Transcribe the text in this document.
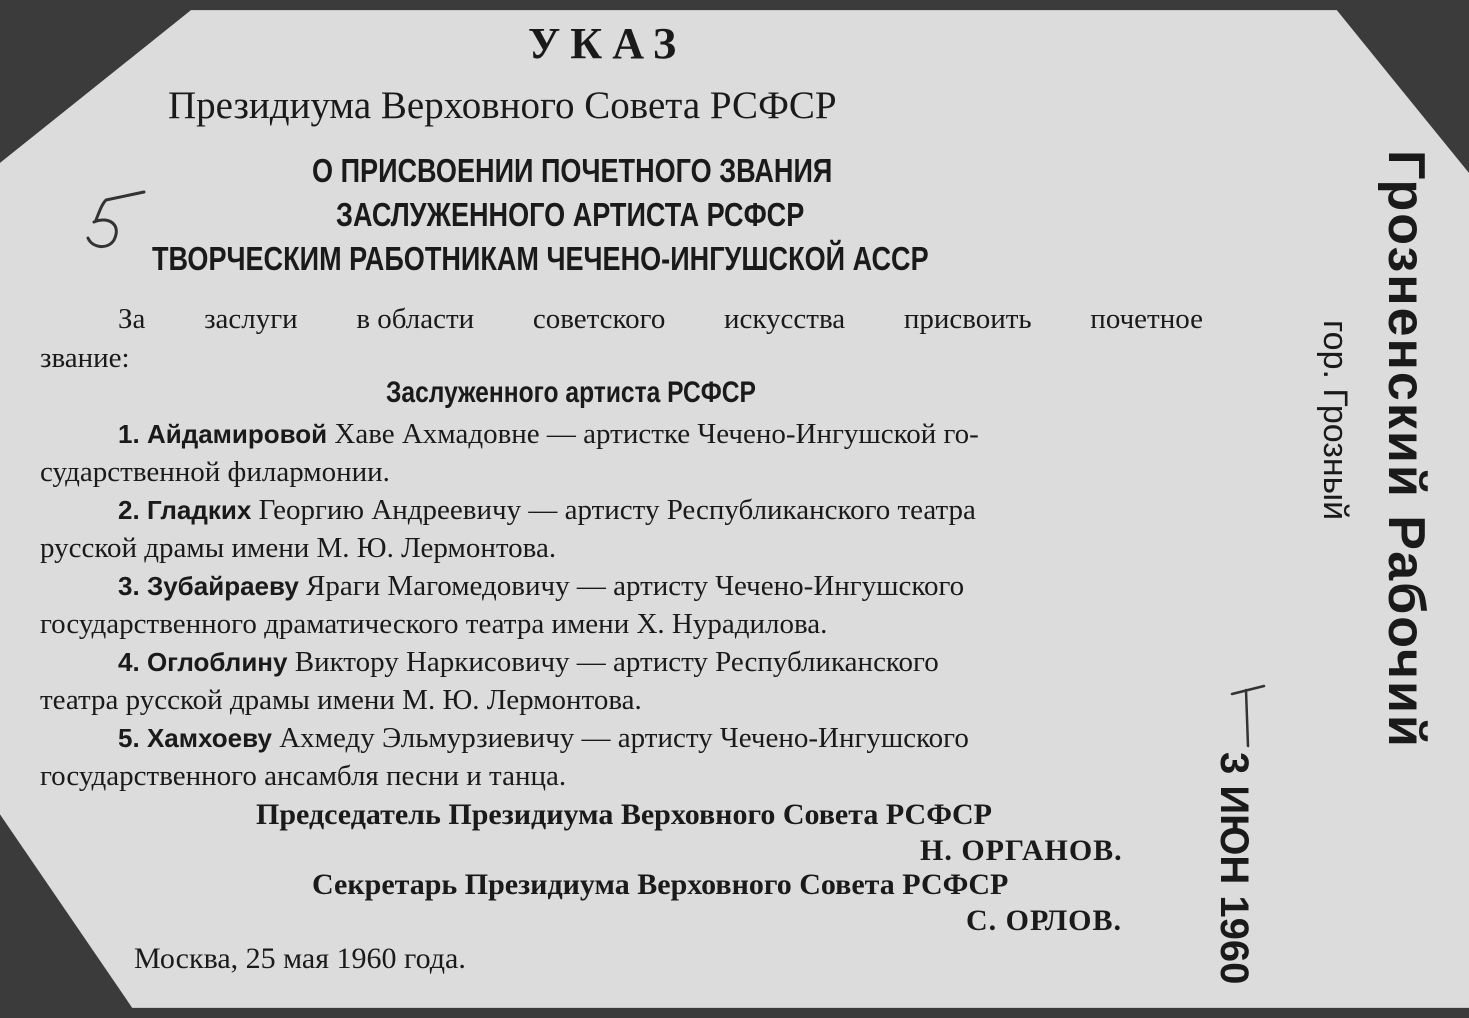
УКАЗ
Президиума Верховного Совета РСФСР
О ПРИСВОЕНИИ ПОЧЕТНОГО ЗВАНИЯ
ЗАСЛУЖЕННОГО АРТИСТА РСФСР
ТВОРЧЕСКИМ РАБОТНИКАМ ЧЕЧЕНО-ИНГУШСКОЙ АССР
За заслуги в области советского искусства присвоить почетное
звание:
Заслуженного артиста РСФСР
1. Айдамировой Хаве Ахмадовне — артистке Чечено-Ингушской го-
сударственной филармонии.
2. Гладких Георгию Андреевичу — артисту Республиканского театра
русской драмы имени М. Ю. Лермонтова.
3. Зубайраеву Яраги Магомедовичу — артисту Чечено-Ингушского
государственного драматического театра имени Х. Нурадилова.
4. Оглоблину Виктору Наркисовичу — артисту Республиканского
театра русской драмы имени М. Ю. Лермонтова.
5. Хамхоеву Ахмеду Эльмурзиевичу — артисту Чечено-Ингушского
государственного ансамбля песни и танца.
Председатель Президиума Верховного Совета РСФСР
Н. ОРГАНОВ.
Секретарь Президиума Верховного Совета РСФСР
С. ОРЛОВ.
Москва, 25 мая 1960 года.
Грозненский Рабочий
гор. Грозный
3 ИЮН 1960
